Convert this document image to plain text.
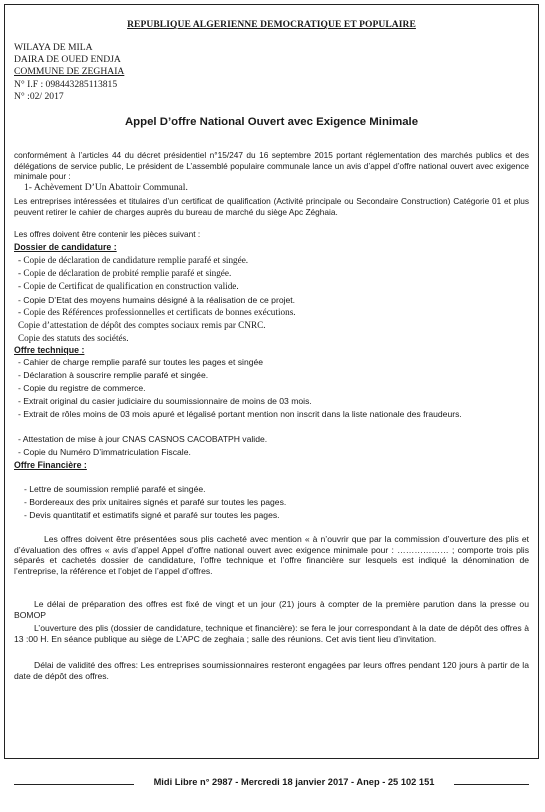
REPUBLIQUE ALGERIENNE DEMOCRATIQUE ET POPULAIRE
WILAYA DE MILA
DAIRA DE OUED ENDJA
COMMUNE DE ZEGHAIA
N° I.F : 098443285113815
N° :02/ 2017
Appel D’offre National Ouvert avec Exigence Minimale
conformément à l’articles 44 du décret présidentiel n°15/247 du 16 septembre 2015 portant réglementation des marchés publics et des délégations de service public, Le président de L’assemblé populaire communale lance un avis d’appel d’offre national ouvert avec exigence minimale pour :
1- Achèvement D’Un Abattoir Communal.
Les entreprises intéressées et titulaires d’un certificat de qualification (Activité principale ou Secondaire Construction) Catégorie 01 et plus peuvent retirer le cahier de charges auprès du bureau de marché du siège Apc Zéghaia.
Les offres doivent être contenir les pièces suivant :
Dossier de candidature :
- Copie de déclaration de candidature remplie parafé et singée.
- Copie de déclaration de probité remplie parafé et singée.
- Copie de Certificat de qualification en construction valide.
- Copie D’Etat des moyens humains désigné à la réalisation de ce projet.
- Copie des Références professionnelles et certificats de bonnes exécutions.
Copie d’attestation de dépôt des comptes sociaux remis par CNRC.
Copie des statuts des sociétés.
Offre technique :
- Cahier de charge remplie parafé sur toutes les pages et singée
- Déclaration à souscrire remplie parafé et singée.
- Copie du registre de commerce.
- Extrait original du casier judiciaire du soumissionnaire de moins de 03 mois.
- Extrait de rôles moins de 03 mois apuré et légalisé portant mention non inscrit dans la liste nationale des fraudeurs.
- Attestation de mise à jour CNAS CASNOS CACOBATPH valide.
- Copie du Numéro D’immatriculation Fiscale.
Offre Financière :
- Lettre de soumission remplié parafé et singée.
- Bordereaux des prix unitaires signés et parafé sur toutes les pages.
- Devis quantitatif et estimatifs signé et parafé sur toutes les pages.
Les offres doivent être présentées sous plis cacheté avec mention « à n’ouvrir que par la commission d’ouverture des plis et d’évaluation des offres « avis d’appel Appel d’offre national ouvert avec exigence minimale pour : ……………… ; comporte trois plis séparés et cachetés dossier de candidature, l’offre technique et l’offre financière sur lesquels est indiqué la dénomination de l’entreprise, la référence et l’objet de l’appel d’offres.
Le délai de préparation des offres est fixé de vingt et un jour (21) jours à compter de la première parution dans la presse ou BOMOP
L’ouverture des plis (dossier de candidature, technique et financière): se fera le jour correspondant à la date de dépôt des offres à 13 :00 H. En séance publique au siège de L’APC de zeghaia ; salle des réunions. Cet avis tient lieu d’invitation.
Délai de validité des offres: Les entreprises soumissionnaires resteront engagées par leurs offres pendant 120 jours à partir de la date de dépôt des offres.
Midi Libre n° 2987 - Mercredi 18 janvier 2017 - Anep - 25 102 151
